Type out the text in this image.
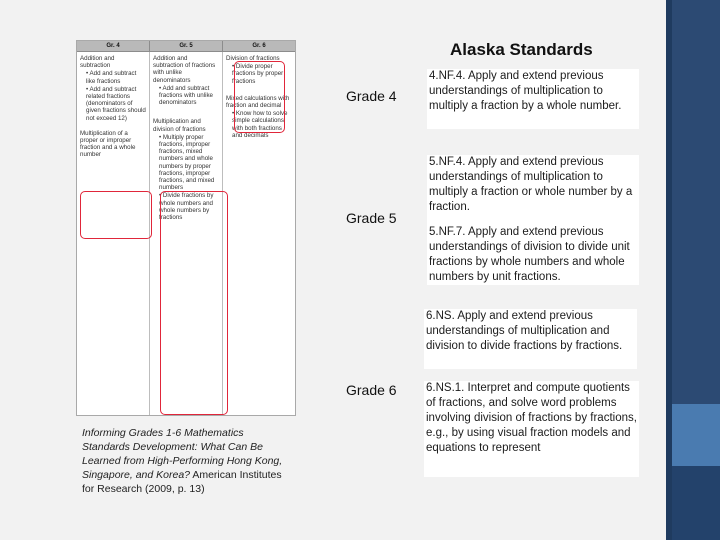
Gr. 4	Gr. 5	Gr. 6

Addition and subtraction

• Add and subtract like fractions

• Add and subtract related fractions (denominators of given fractions should not exceed 12)

Multiplication of a proper or improper fraction and a whole number

Addition and subtraction of fractions with unlike denominators

• Add and subtract fractions with unlike denominators

Multiplication and division of fractions

• Multiply proper fractions, improper fractions, mixed numbers and whole numbers by proper fractions, improper fractions, and mixed numbers

• Divide fractions by whole numbers and whole numbers by fractions

Division of fractions

• Divide proper fractions by proper fractions

Mixed calculations with fraction and decimal

• Know how to solve simple calculations with both fractions and decimals

Informing Grades 1-6 Mathematics Standards Development: What Can Be Learned from High-Performing Hong Kong, Singapore, and Korea? American Institutes for Research (2009, p. 13)
Alaska Standards
Grade 4
4.NF.4. Apply and extend previous understandings of multiplication to multiply a fraction by a whole number.
Grade 5
5.NF.4. Apply and extend previous understandings of multiplication to multiply a fraction or whole number by a fraction.
5.NF.7. Apply and extend previous understandings of division to divide unit fractions by whole numbers and whole numbers by unit fractions.
Grade 6
6.NS. Apply and extend previous understandings of multiplication and division to divide fractions by fractions.
6.NS.1. Interpret and compute quotients of fractions, and solve word problems involving division of fractions by fractions, e.g., by using visual fraction models and equations to represent
